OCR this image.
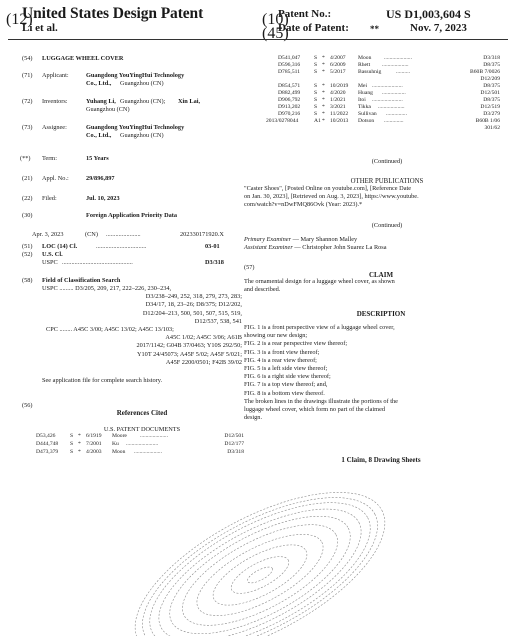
(12)
United States Design Patent	(10)
Patent No.:	US D1,003,604 S
Li et al.	(45)
Date of Patent: **	Nov. 7, 2023
(54) LUGGAGE WHEEL COVER
(71) Applicant:	Guangdong YouYingHui Technology
Co., Ltd., Guangzhou (CN)
(72) Inventors:	Yuhang Li, Guangzhou (CN); Xin Lai,
Guangzhou (CN)
(73) Assignee:	Guangdong YouYingHui Technology
Co., Ltd., Guangzhou (CN)
(**) Term:	15 Years
(21) Appl. No.:	29/896,897
(22) Filed:	Jul. 10, 2023
(30)	Foreign Application Priority Data
Apr. 3, 2023	(CN) ......................	202330171920.X
(51) LOC (14) Cl.	................................	03-01
(52) U.S. Cl.
USPC .............................................	D3/318
(58) Field of Classification Search
USPC ......... D3/205, 209, 217, 222–226, 230–234,
D3/238–249, 252, 318, 279, 273, 283;
D34/17, 18, 23–26; D8/375; D12/202,
D12/204–213, 500, 501, 507, 515, 519,
D12/537, 538, 541
CPC ........ A45C 3/00; A45C 13/02; A45C 13/103;
A45C 1/02; A45C 3/06; A61B
2017/1142; G04B 37/0463; Y10S 292/50;
Y10T 24/45073; A45F 5/02; A45F 5/021;
A45F 2200/0501; F42B 39/02
See application file for complete search history.
(56)
References Cited
U.S. PATENT DOCUMENTS
D53,426	S * 6/1919 Moore ....................	D12/501
D444,748 S * 7/2001 Ku .......................	D12/177
D473,379 S * 4/2003 Moon ....................	D3/318
D541,047 S * 4/2007 Moon ....................	D3/318
D596,316 S * 6/2009 Rhett ...................	D8/375
D785,511 S * 5/2017 Bassuhnig	..........	B60B 7/0026
D12/209
D854,571 S * 10/2019 Mei ......................	D8/375
D882,499 S * 4/2020 Huang .................	D12/501
D906,792 S * 1/2021 Itoi ......................	D8/375
D913,202 S * 3/2021 Tikka ...................	D12/519
D970,216 S * 11/2022 Sullivan ...............	D3/279
2013/0278044	A1 * 10/2013 Dotson ..............	B60B 1/06
301/62
(Continued)
OTHER PUBLICATIONS
"Caster Shoes", [Posted Online on youtube.com], [Reference Date
on Jan. 30, 2023], [Retrieved on Aug. 3, 2023], https://www.youtube.
com/watch?v=nDwFMQ86Ovk (Year: 2023).*
(Continued)
Primary Examiner — Mary Shannon Malley
Assistant Examiner — Christopher John Suarez La Rosa
(57)
CLAIM
The ornamental design for a luggage wheel cover, as shown
and described.
DESCRIPTION
FIG. 1 is a front perspective view of a luggage wheel cover,
showing our new design;
FIG. 2 is a rear perspective view thereof;
FIG. 3 is a front view thereof;
FIG. 4 is a rear view thereof;
FIG. 5 is a left side view thereof;
FIG. 6 is a right side view thereof;
FIG. 7 is a top view thereof; and,
FIG. 8 is a bottom view thereof.
The broken lines in the drawings illustrate the portions of the
luggage wheel cover, which form no part of the claimed
design.
1 Claim, 8 Drawing Sheets
